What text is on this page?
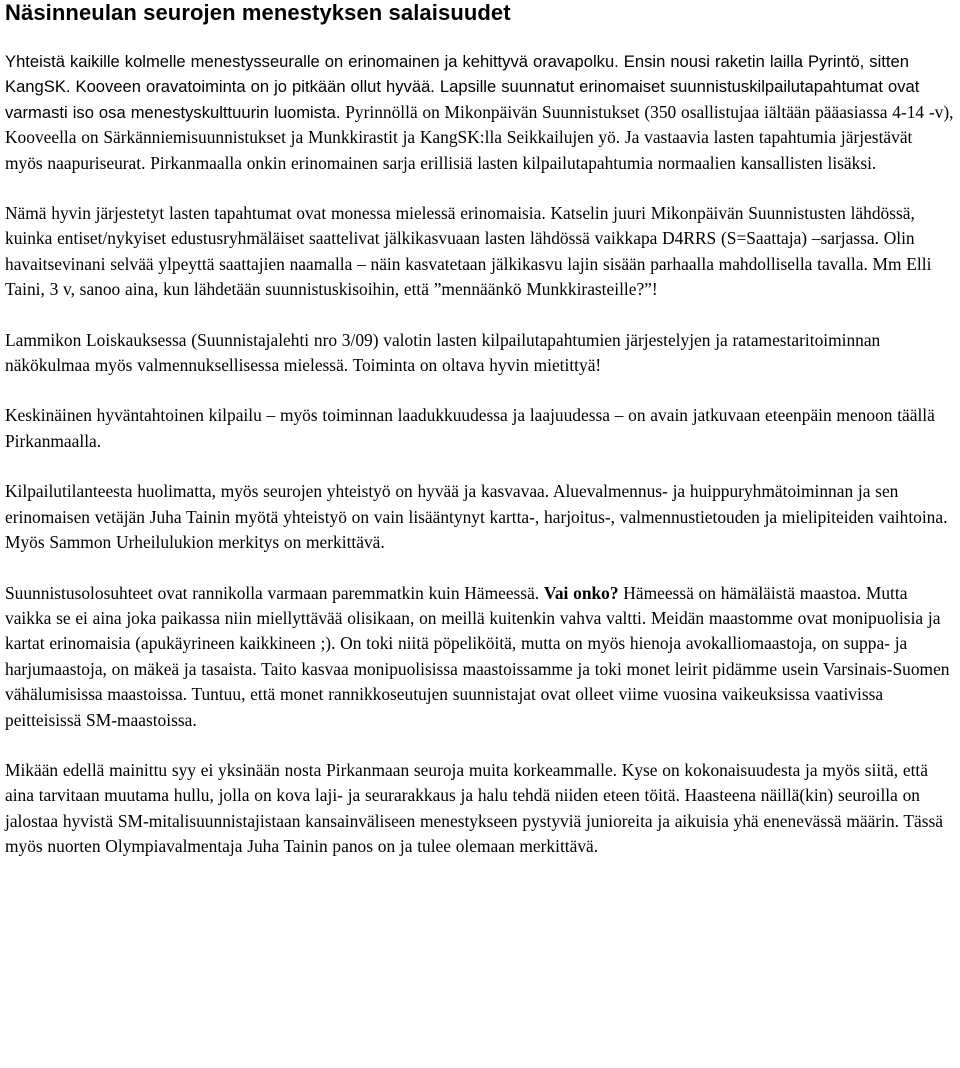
Näsinneulan seurojen menestyksen salaisuudet

Yhteistä kaikille kolmelle menestysseuralle on erinomainen ja kehittyvä oravapolku. Ensin nousi raketin lailla Pyrintö, sitten KangSK. Kooveen oravatoiminta on jo pitkään ollut hyvää. Lapsille suunnatut erinomaiset suunnistuskilpailutapahtumat ovat varmasti iso osa menestyskulttuurin luomista. Pyrinnöllä on Mikonpäivän Suunnistukset (350 osallistujaa iältään pääasiassa 4-14 -v), Kooveella on Särkänniemisuunnistukset ja Munkkirastit ja KangSK:lla Seikkailujen yö. Ja vastaavia lasten tapahtumia järjestävät myös naapuriseurat. Pirkanmaalla onkin erinomainen sarja erillisiä lasten kilpailutapahtumia normaalien kansallisten lisäksi.

Nämä hyvin järjestetyt lasten tapahtumat ovat monessa mielessä erinomaisia. Katselin juuri Mikonpäivän Suunnistusten lähdössä, kuinka entiset/nykyiset edustusryhmäläiset saattelivat jälkikasvuaan lasten lähdössä vaikkapa D4RRS (S=Saattaja) –sarjassa. Olin havaitsevinani selvää ylpeyttä saattajien naamalla – näin kasvatetaan jälkikasvu lajin sisään parhaalla mahdollisella tavalla. Mm Elli Taini, 3 v, sanoo aina, kun lähdetään suunnistuskisoihin, että ”mennäänkö Munkkirasteille?”!

Lammikon Loiskauksessa (Suunnistajalehti nro 3/09) valotin lasten kilpailutapahtumien järjestelyjen ja ratamestaritoiminnan näkökulmaa myös valmennuksellisessa mielessä. Toiminta on oltava hyvin mietittyä!

Keskinäinen hyväntahtoinen kilpailu – myös toiminnan laadukkuudessa ja laajuudessa – on avain jatkuvaan eteenpäin menoon täällä Pirkanmaalla.

Kilpailutilanteesta huolimatta, myös seurojen yhteistyö on hyvää ja kasvavaa. Aluevalmennus- ja huippuryhmätoiminnan ja sen erinomaisen vetäjän Juha Tainin myötä yhteistyö on vain lisääntynyt kartta-, harjoitus-, valmennustietouden ja mielipiteiden vaihtoina. Myös Sammon Urheilulukion merkitys on merkittävä.

Suunnistusolosuhteet ovat rannikolla varmaan paremmatkin kuin Hämeessä. Vai onko? Hämeessä on hämäläistä maastoa. Mutta vaikka se ei aina joka paikassa niin miellyttävää olisikaan, on meillä kuitenkin vahva valtti. Meidän maastomme ovat monipuolisia ja kartat erinomaisia (apukäyrineen kaikkineen ;). On toki niitä pöpeliköitä, mutta on myös hienoja avokalliomaastoja, on suppa- ja harjumaastoja, on mäkeä ja tasaista. Taito kasvaa monipuolisissa maastoissamme ja toki monet leirit pidämme usein Varsinais-Suomen vähälumisissa maastoissa. Tuntuu, että monet rannikkoseutujen suunnistajat ovat olleet viime vuosina vaikeuksissa vaativissa peitteisissä SM-maastoissa.

Mikään edellä mainittu syy ei yksinään nosta Pirkanmaan seuroja muita korkeammalle. Kyse on kokonaisuudesta ja myös siitä, että aina tarvitaan muutama hullu, jolla on kova laji- ja seurarakkaus ja halu tehdä niiden eteen töitä. Haasteena näillä(kin) seuroilla on jalostaa hyvistä SM-mitalisuunnistajistaan kansainväliseen menestykseen pystyviä junioreita ja aikuisia yhä enenevässä määrin. Tässä myös nuorten Olympiavalmentaja Juha Tainin panos on ja tulee olemaan merkittävä.
